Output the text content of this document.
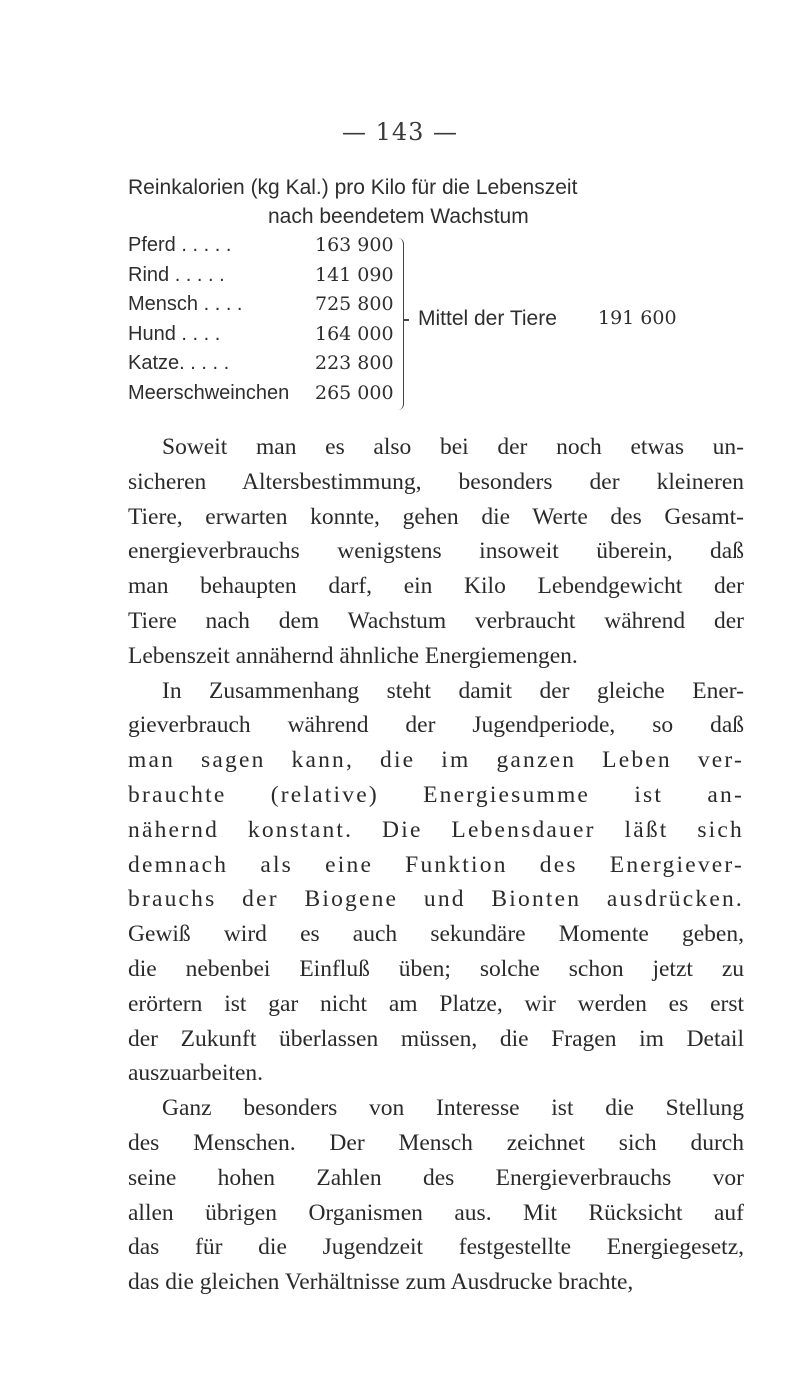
— 143 —
Reinkalorien (kg Kal.) pro Kilo für die Lebenszeit
nach beendetem Wachstum
Pferd . . . . .	163 900
Rind . . . . .	141 090
Mensch . . . .	725 800
Hund . . . .	164 000
Katze. . . . .	223 800
Meerschweinchen 265 000
Mittel der Tiere 191 600
Soweit man es also bei der noch etwas un-
sicheren Altersbestimmung, besonders der kleineren
Tiere, erwarten konnte, gehen die Werte des Gesamt-
energieverbrauchs wenigstens insoweit überein, daß
man behaupten darf, ein Kilo Lebendgewicht der
Tiere nach dem Wachstum verbraucht während der
Lebenszeit annähernd ähnliche Energiemengen.
In Zusammenhang steht damit der gleiche Ener-
gieverbrauch während der Jugendperiode, so daß
man sagen kann, die im ganzen Leben ver-
brauchte (relative) Energiesumme ist an-
nähernd konstant. Die Lebensdauer läßt sich
demnach als eine Funktion des Energiever-
brauchs der Biogene und Bionten ausdrücken.
Gewiß wird es auch sekundäre Momente geben,
die nebenbei Einfluß üben; solche schon jetzt zu
erörtern ist gar nicht am Platze, wir werden es erst
der Zukunft überlassen müssen, die Fragen im Detail
auszuarbeiten.
Ganz besonders von Interesse ist die Stellung
des Menschen. Der Mensch zeichnet sich durch
seine hohen Zahlen des Energieverbrauchs vor
allen übrigen Organismen aus. Mit Rücksicht auf
das für die Jugendzeit festgestellte Energiegesetz,
das die gleichen Verhältnisse zum Ausdrucke brachte,
